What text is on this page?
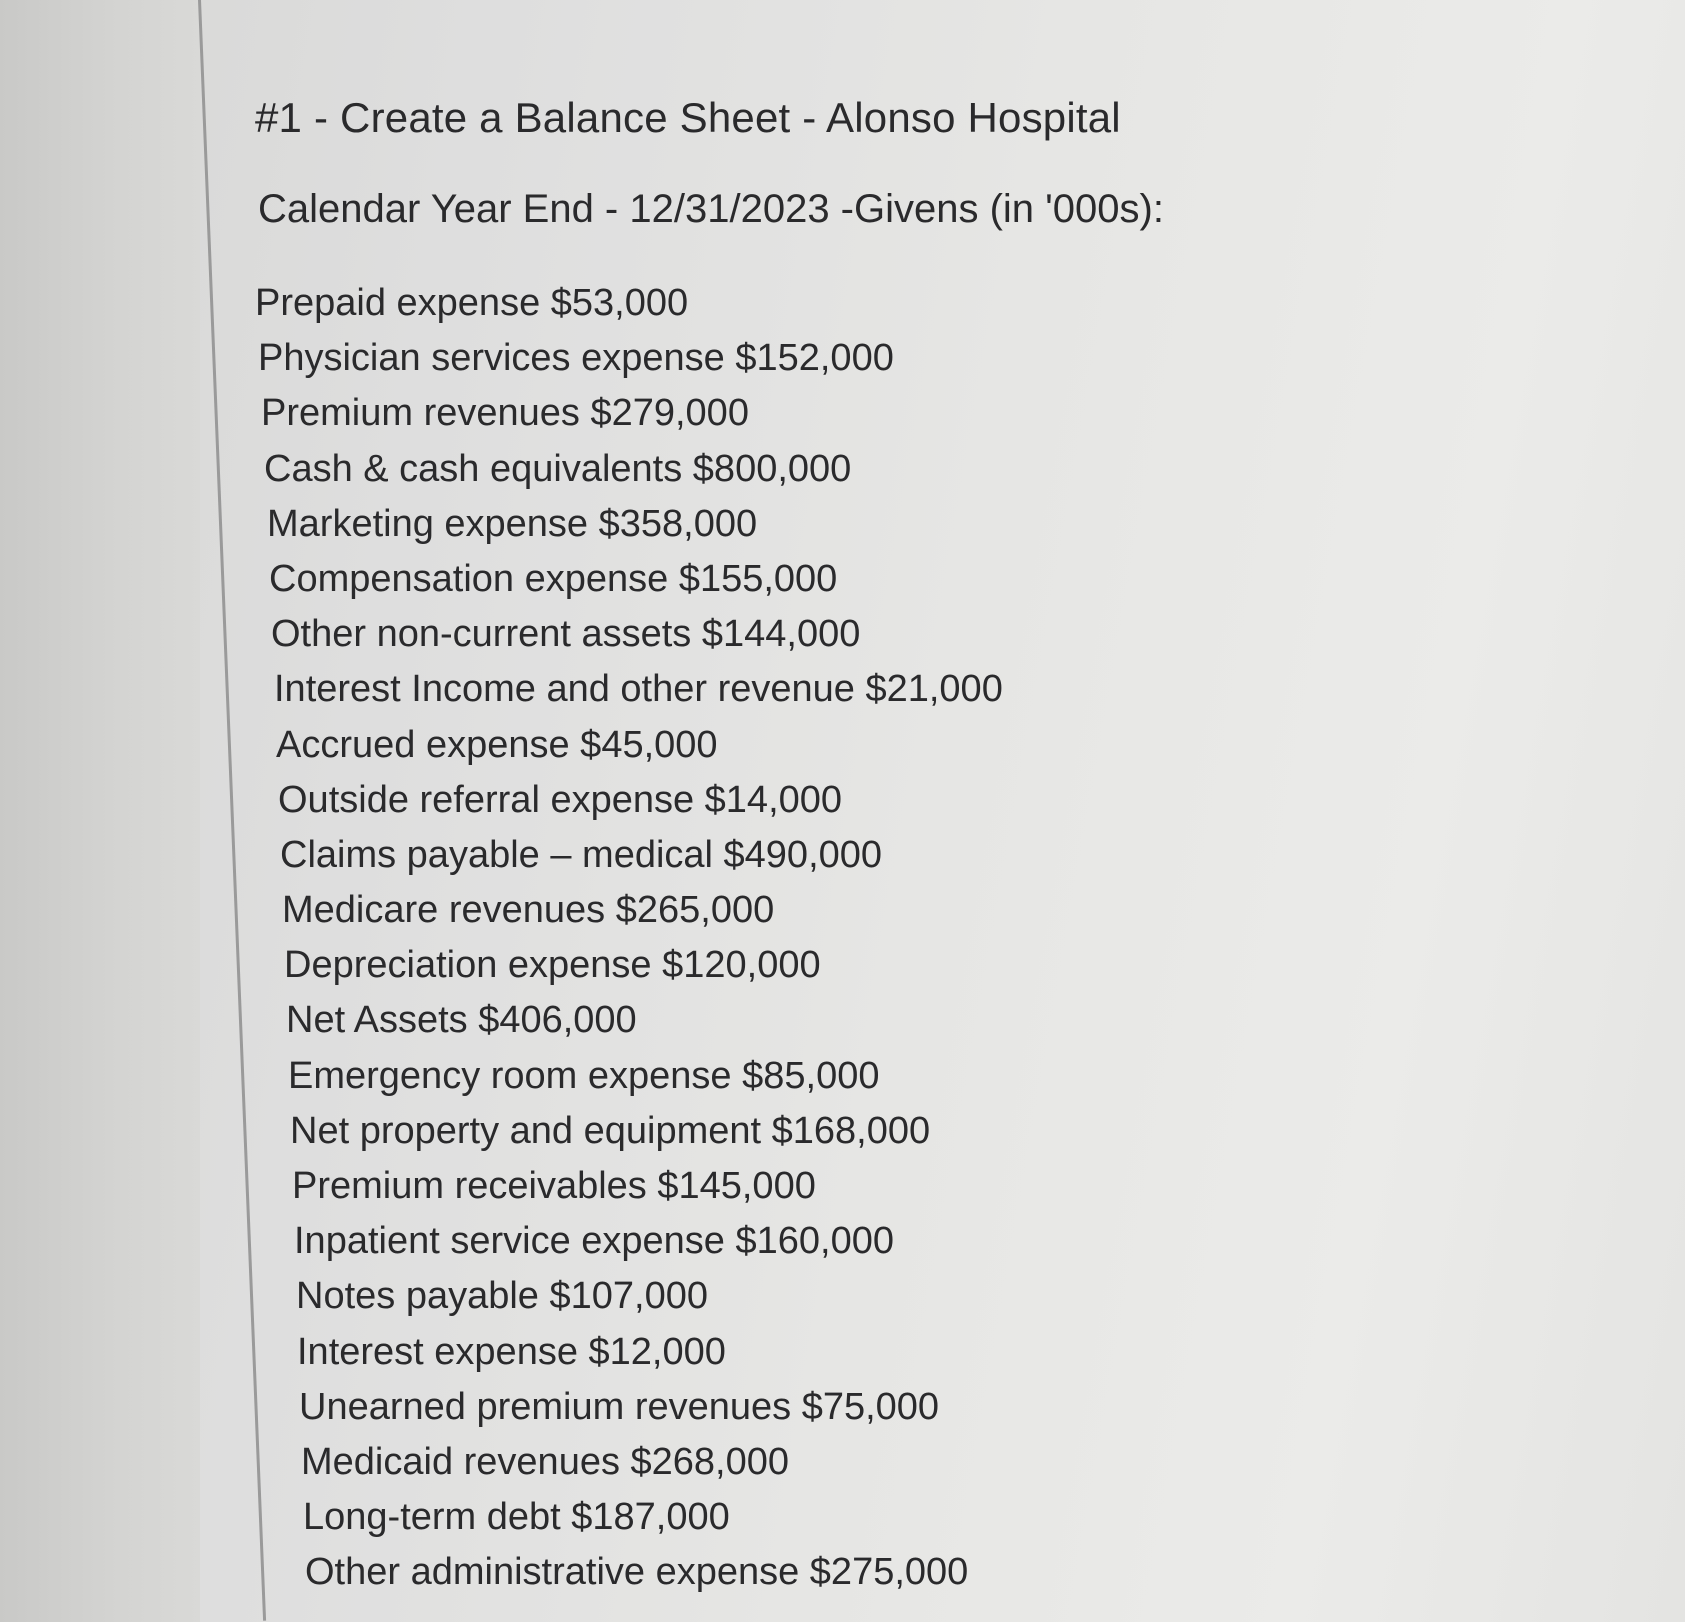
#1 - Create a Balance Sheet - Alonso Hospital
Calendar Year End - 12/31/2023 -Givens (in '000s):
Prepaid expense $53,000
Physician services expense $152,000
Premium revenues $279,000
Cash & cash equivalents $800,000
Marketing expense $358,000
Compensation expense $155,000
Other non-current assets $144,000
Interest Income and other revenue $21,000
Accrued expense $45,000
Outside referral expense $14,000
Claims payable – medical $490,000
Medicare revenues $265,000
Depreciation expense $120,000
Net Assets $406,000
Emergency room expense $85,000
Net property and equipment $168,000
Premium receivables $145,000
Inpatient service expense $160,000
Notes payable $107,000
Interest expense $12,000
Unearned premium revenues $75,000
Medicaid revenues $268,000
Long-term debt $187,000
Other administrative expense $275,000
